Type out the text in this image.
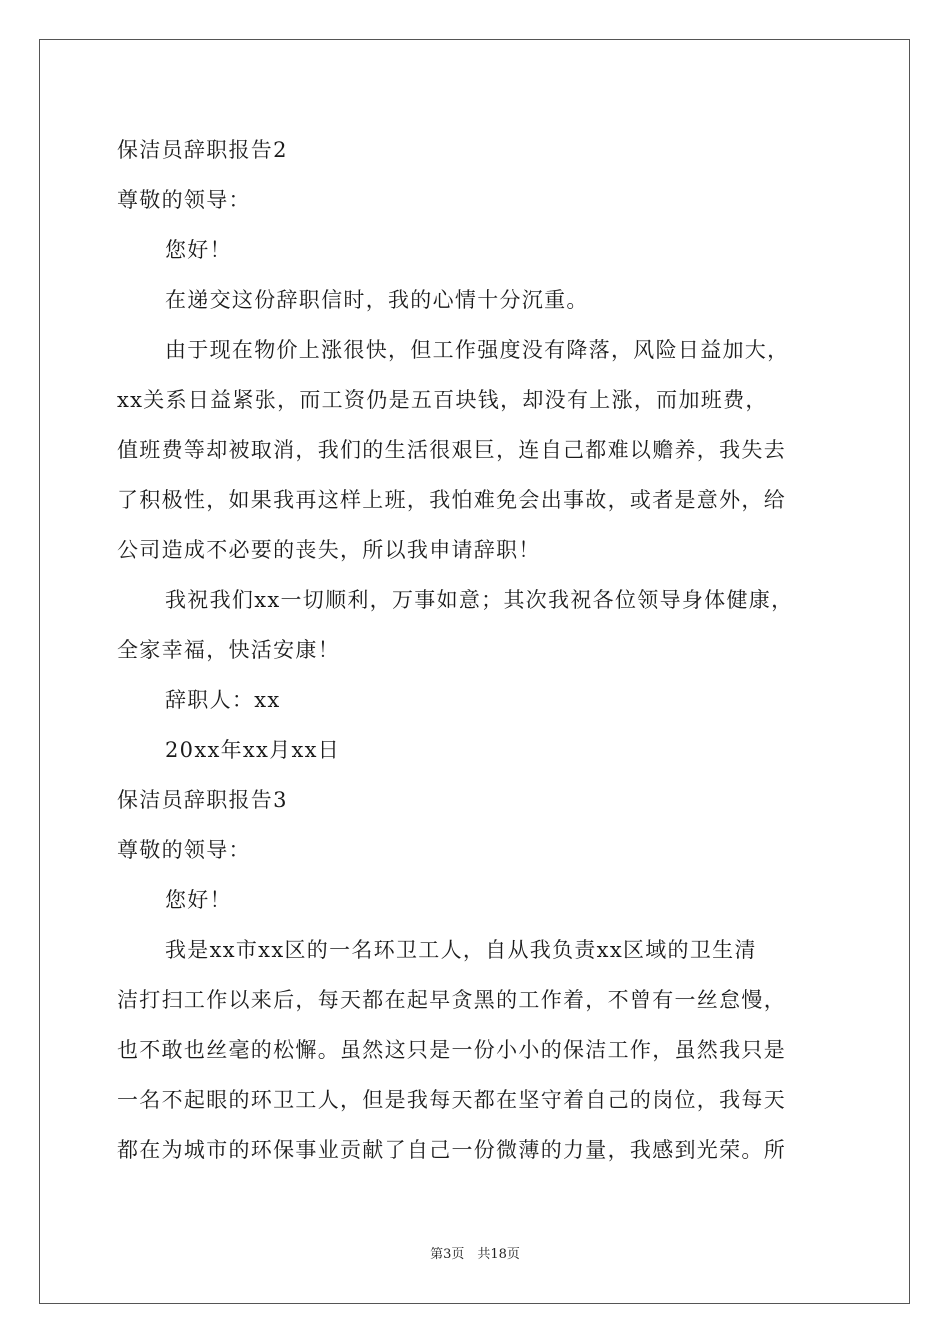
保洁员辞职报告2
尊敬的领导：
您好！
在递交这份辞职信时，我的心情十分沉重。
由于现在物价上涨很快，但工作强度没有降落，风险日益加大，
xx关系日益紧张，而工资仍是五百块钱，却没有上涨，而加班费，
值班费等却被取消，我们的生活很艰巨，连自己都难以赡养，我失去
了积极性，如果我再这样上班，我怕难免会出事故，或者是意外，给
公司造成不必要的丧失，所以我申请辞职！
我祝我们xx一切顺利，万事如意；其次我祝各位领导身体健康，
全家幸福，快活安康！
辞职人：xx
20xx年xx月xx日
保洁员辞职报告3
尊敬的领导：
您好！
我是xx市xx区的一名环卫工人，自从我负责xx区域的卫生清
洁打扫工作以来后，每天都在起早贪黑的工作着，不曾有一丝怠慢，
也不敢也丝毫的松懈。虽然这只是一份小小的保洁工作，虽然我只是
一名不起眼的环卫工人，但是我每天都在坚守着自己的岗位，我每天
都在为城市的环保事业贡献了自己一份微薄的力量，我感到光荣。所
第3页　共18页
